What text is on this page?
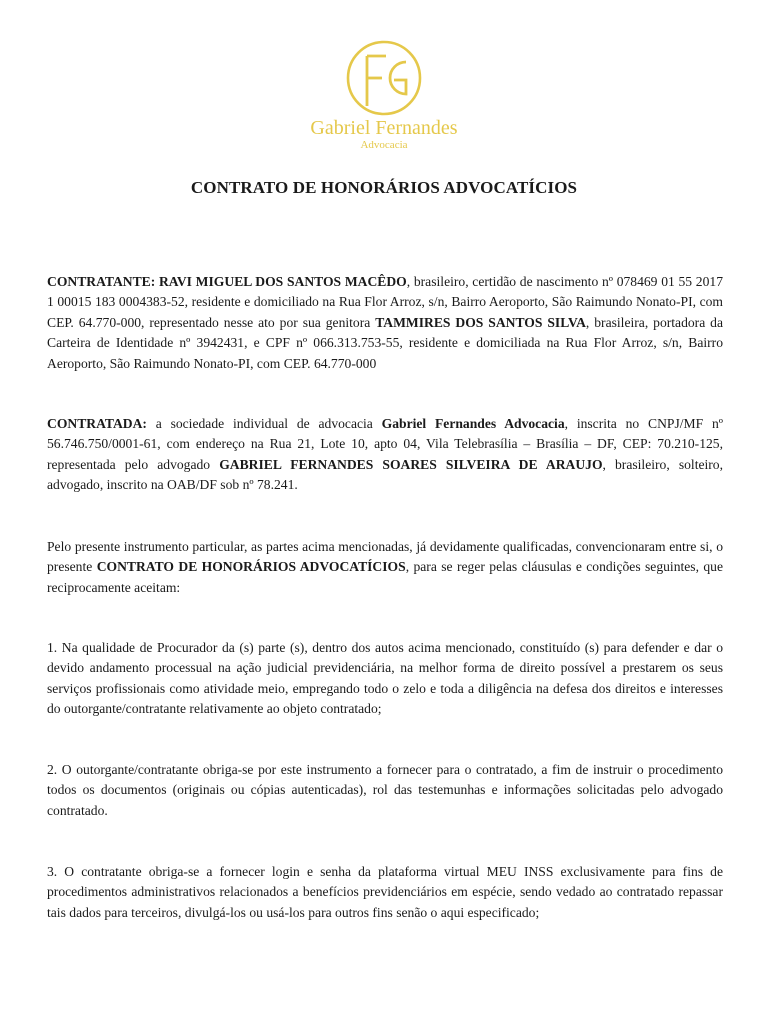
Gabriel Fernandes
Advocacia
CONTRATO DE HONORÁRIOS ADVOCATÍCIOS
CONTRATANTE: RAVI MIGUEL DOS SANTOS MACÊDO, brasileiro, certidão de nascimento nº 078469 01 55 2017 1 00015 183 0004383-52, residente e domiciliado na Rua Flor Arroz, s/n, Bairro Aeroporto, São Raimundo Nonato-PI, com CEP. 64.770-000, representado nesse ato por sua genitora TAMMIRES DOS SANTOS SILVA, brasileira, portadora da Carteira de Identidade nº 3942431, e CPF nº 066.313.753-55, residente e domiciliada na Rua Flor Arroz, s/n, Bairro Aeroporto, São Raimundo Nonato-PI, com CEP. 64.770-000
CONTRATADA: a sociedade individual de advocacia Gabriel Fernandes Advocacia, inscrita no CNPJ/MF nº 56.746.750/0001-61, com endereço na Rua 21, Lote 10, apto 04, Vila Telebrasília – Brasília – DF, CEP: 70.210-125, representada pelo advogado GABRIEL FERNANDES SOARES SILVEIRA DE ARAUJO, brasileiro, solteiro, advogado, inscrito na OAB/DF sob nº 78.241.
Pelo presente instrumento particular, as partes acima mencionadas, já devidamente qualificadas, convencionaram entre si, o presente CONTRATO DE HONORÁRIOS ADVOCATÍCIOS, para se reger pelas cláusulas e condições seguintes, que reciprocamente aceitam:
1. Na qualidade de Procurador da (s) parte (s), dentro dos autos acima mencionado, constituído (s) para defender e dar o devido andamento processual na ação judicial previdenciária, na melhor forma de direito possível a prestarem os seus serviços profissionais como atividade meio, empregando todo o zelo e toda a diligência na defesa dos direitos e interesses do outorgante/contratante relativamente ao objeto contratado;
2. O outorgante/contratante obriga-se por este instrumento a fornecer para o contratado, a fim de instruir o procedimento todos os documentos (originais ou cópias autenticadas), rol das testemunhas e informações solicitadas pelo advogado contratado.
3. O contratante obriga-se a fornecer login e senha da plataforma virtual MEU INSS exclusivamente para fins de procedimentos administrativos relacionados a benefícios previdenciários em espécie, sendo vedado ao contratado repassar tais dados para terceiros, divulgá-los ou usá-los para outros fins senão o aqui especificado;
